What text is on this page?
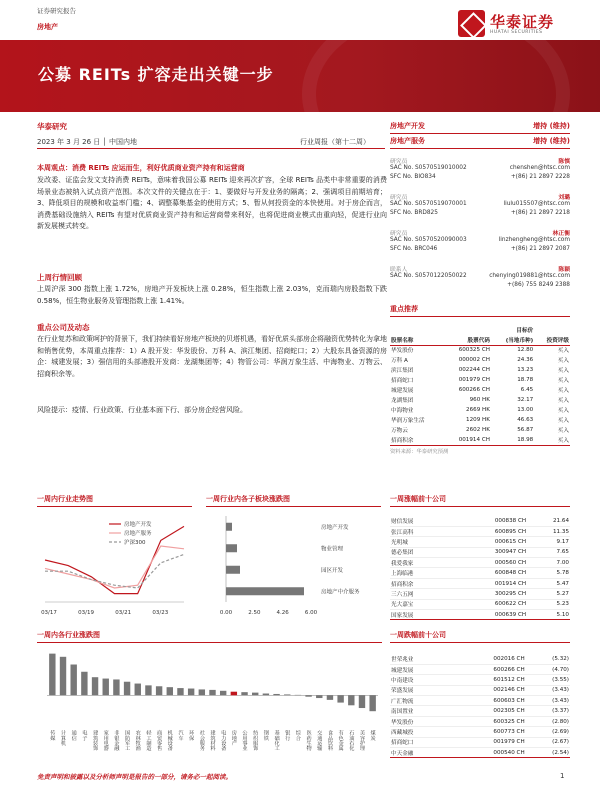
证券研究报告
房地产	华泰证券
HUATAI SECURITIES
公募 REITs 扩容走出关键一步
华泰研究
2023 年 3 月 26 日 │ 中国内地	行业周报（第十二周）
本周观点：消费 REITs 应运而生，利好优质商业资产持有和运营商
发改委、证监会发文支持消费 REITs，意味着我国公募 REITs 迎来再次扩容，全球 REITs 品类中非常重要的消费场景业态被纳入试点资产范围。本次文件的关键点在于：1、要做好与开发业务的隔离；2、强调项目前期培育；3、降低项目的规模和收益率门槛；4、调整募集基金的使用方式；5、暂从何投资金的本快使用。对于房企而言，消费基础设施纳入 REITs 有望对优质商业资产持有和运营商带来利好，也将促进商业模式由重向轻，促进行业向新发展模式转变。
上周行情回顾
上周沪深 300 指数上涨 1.72%，房地产开发板块上涨 0.28%，恒生指数上涨 2.03%，克而瑞内房股指数下跌 0.58%，恒生物业服务及管理指数上涨 1.41%。
重点公司及动态
在行业复苏和政策呵护的背景下，我们持续看好房地产板块的贝塔机遇，看好优质头部房企将融资优势转化为拿地和销售优势，本周重点推荐：1）A 股开发：华发股份、万科 A、滨江集团、招商蛇口；2）大股东具备资源的房企：城建发展；3）强信用的头部港股开发商：龙湖集团等；4）物管公司：华润万象生活、中海物业、万物云、招商积余等。
风险提示：疫情、行业政策、行业基本面下行、部分房企经营风险。
房地产开发	增持 (维持)
房地产服务	增持 (维持)
研究员	陈慎
SAC No. S0570519010002	chenshen@htsc.com
SFC No. BIO834	+(86) 21 2897 2228
研究员	刘璐
SAC No. S0570519070001	liulu015507@htsc.com
SFC No. BRD825	+(86) 21 2897 2218
研究员	林正衡
SAC No. S0570520090003	linzhengheng@htsc.com
SFC No. BRC046	+(86) 21 2897 2087
联系人	陈颖
SAC No. S0570122050022	chenying019881@htsc.com
+(86) 755 8249 2388
重点推荐
		目标价	
股票名称	股票代码	(当地币种)	投资评级
华发股份	600325 CH	12.80	买入
万科 A	000002 CH	24.36	买入
滨江集团	002244 CH	13.23	买入
招商蛇口	001979 CH	18.78	买入
城建发展	600266 CH	6.45	买入
龙湖集团	960 HK	32.17	买入
中海物业	2669 HK	13.00	买入
华润万象生活	1209 HK	46.63	买入
万物云	2602 HK	56.87	买入
招商积余	001914 CH	18.98	买入
资料来源：华泰研究预测
一周内行业走势图
房地产开发
房地产服务
沪深300
03/17	03/19	03/21	03/23
一周行业内各子板块涨跌图
房地产开发
物业管理
园区开发
房地产中介服务
0.00	2.50	4.26	6.00
一周内各行业涨跌图
传媒 计算机 通信 电子 建筑装饰 家用电器 非银金融 国防军工 农林牧渔 轻工制造 商贸零售 机械设备 汽车 环保 社会服务 建筑材料 电力设备 房地产 公用事业 纺织服饰 钢铁 基础化工 银行 综合 医药生物 交通运输 食品饮料 有色金属 石油石化 美容护理 煤炭
一周涨幅前十公司
财信发展	000838 CH	21.64
张江高科	600895 CH	11.35
光明城	000615 CH	9.17
德必集团	300947 CH	7.65
我爱我家	000560 CH	7.00
上海临港	600848 CH	5.78
招商积余	001914 CH	5.47
三六五网	300295 CH	5.27
光大嘉宝	600622 CH	5.23
国家发展	000639 CH	5.10
一周跌幅前十公司
世荣兆业	002016 CH	(5.32)
城建发展	600266 CH	(4.70)
中南建设	601512 CH	(3.55)
荣盛发展	002146 CH	(3.43)
广汇物流	600603 CH	(3.43)
南国置业	002305 CH	(3.37)
华发股份	600325 CH	(2.80)
西藏城投	600773 CH	(2.69)
招商蛇口	001979 CH	(2.67)
中天金融	000540 CH	(2.54)
免责声明和披露以及分析师声明是报告的一部分，请务必一起阅读。	1
